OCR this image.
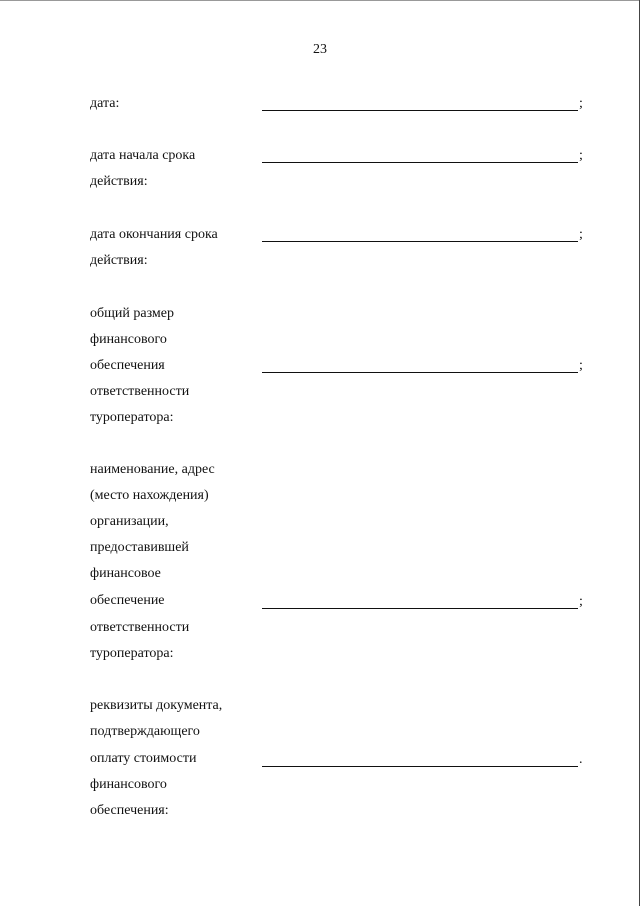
23
дата:	;
дата начала срока
действия:
;
дата окончания срока
действия:
;
общий размер
финансового
обеспечения
ответственности
туроператора:
;
наименование, адрес
(место нахождения)
организации,
предоставившей
финансовое
обеспечение
ответственности
туроператора:
;
реквизиты документа,
подтверждающего
оплату стоимости
финансового
обеспечения:
.
